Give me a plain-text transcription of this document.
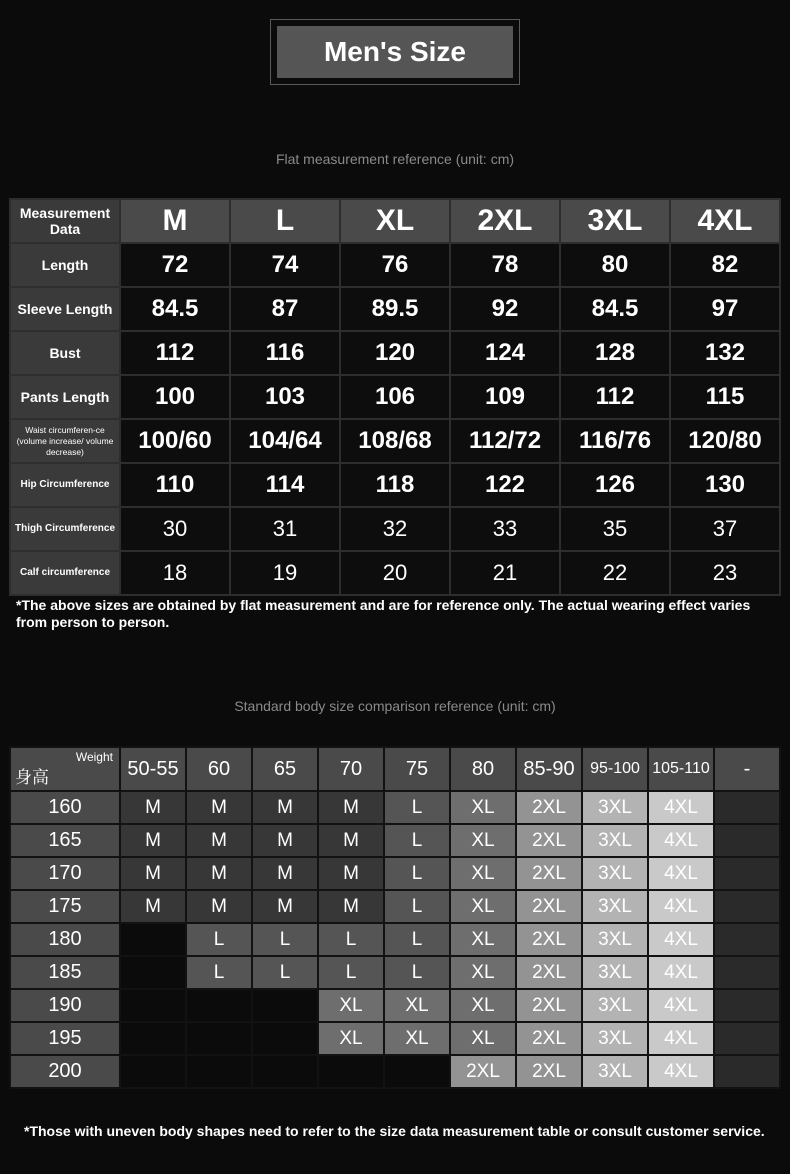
Men's Size
Flat measurement reference (unit: cm)
Measurement
Data	M	L	XL	2XL	3XL	4XL

Length	72	74	76	78	80	82

Sleeve Length	84.5	87	89.5	92	84.5	97

Bust	112	116	120	124	128	132

Pants Length	100	103	106	109	112	115

Waist circumferen-ce
(volume increase/ volume decrease)	100/60	104/64	108/68	112/72	116/76	120/80

Hip Circumference	110	114	118	122	126	130

Thigh Circumference	30	31	32	33	35	37

Calf circumference	18	19	20	21	22	23
*The above sizes are obtained by flat measurement and are for reference only. The actual wearing effect varies from person to person.
Standard body size comparison reference (unit: cm)
Weight
身高	50-55	60	65	70	75	80	85-90	95-100	105-110	-
160	M	M	M	M	L	XL	2XL	3XL	4XL	
165	M	M	M	M	L	XL	2XL	3XL	4XL	
170	M	M	M	M	L	XL	2XL	3XL	4XL	
175	M	M	M	M	L	XL	2XL	3XL	4XL	
180		L	L	L	L	XL	2XL	3XL	4XL	
185		L	L	L	L	XL	2XL	3XL	4XL	
190				XL	XL	XL	2XL	3XL	4XL	
195				XL	XL	XL	2XL	3XL	4XL	
200						2XL	2XL	3XL	4XL	
*Those with uneven body shapes need to refer to the size data measurement table or consult customer service.
